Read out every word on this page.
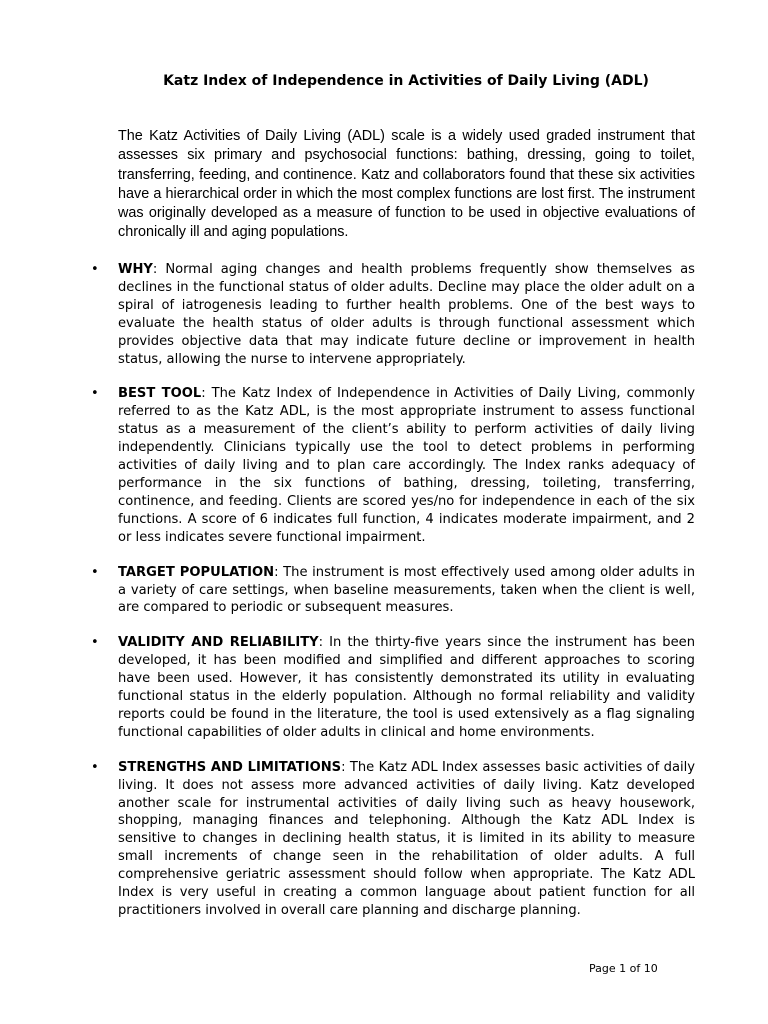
Katz Index of Independence in Activities of Daily Living (ADL)
The Katz Activities of Daily Living (ADL) scale is a widely used graded instrument that assesses six primary and psychosocial functions: bathing, dressing, going to toilet, transferring, feeding, and continence. Katz and collaborators found that these six activities have a hierarchical order in which the most complex functions are lost first. The instrument was originally developed as a measure of function to be used in objective evaluations of chronically ill and aging populations.
• WHY: Normal aging changes and health problems frequently show themselves as declines in the functional status of older adults. Decline may place the older adult on a spiral of iatrogenesis leading to further health problems. One of the best ways to evaluate the health status of older adults is through functional assessment which provides objective data that may indicate future decline or improvement in health status, allowing the nurse to intervene appropriately.
• BEST TOOL: The Katz Index of Independence in Activities of Daily Living, commonly referred to as the Katz ADL, is the most appropriate instrument to assess functional status as a measurement of the client’s ability to perform activities of daily living independently. Clinicians typically use the tool to detect problems in performing activities of daily living and to plan care accordingly. The Index ranks adequacy of performance in the six functions of bathing, dressing, toileting, transferring, continence, and feeding. Clients are scored yes/no for independence in each of the six functions. A score of 6 indicates full function, 4 indicates moderate impairment, and 2 or less indicates severe functional impairment.
• TARGET POPULATION: The instrument is most effectively used among older adults in a variety of care settings, when baseline measurements, taken when the client is well, are compared to periodic or subsequent measures.
• VALIDITY AND RELIABILITY: In the thirty-five years since the instrument has been developed, it has been modified and simplified and different approaches to scoring have been used. However, it has consistently demonstrated its utility in evaluating functional status in the elderly population. Although no formal reliability and validity reports could be found in the literature, the tool is used extensively as a flag signaling functional capabilities of older adults in clinical and home environments.
• STRENGTHS AND LIMITATIONS: The Katz ADL Index assesses basic activities of daily living. It does not assess more advanced activities of daily living. Katz developed another scale for instrumental activities of daily living such as heavy housework, shopping, managing finances and telephoning. Although the Katz ADL Index is sensitive to changes in declining health status, it is limited in its ability to measure small increments of change seen in the rehabilitation of older adults. A full comprehensive geriatric assessment should follow when appropriate. The Katz ADL Index is very useful in creating a common language about patient function for all practitioners involved in overall care planning and discharge planning.
Page 1 of 10
